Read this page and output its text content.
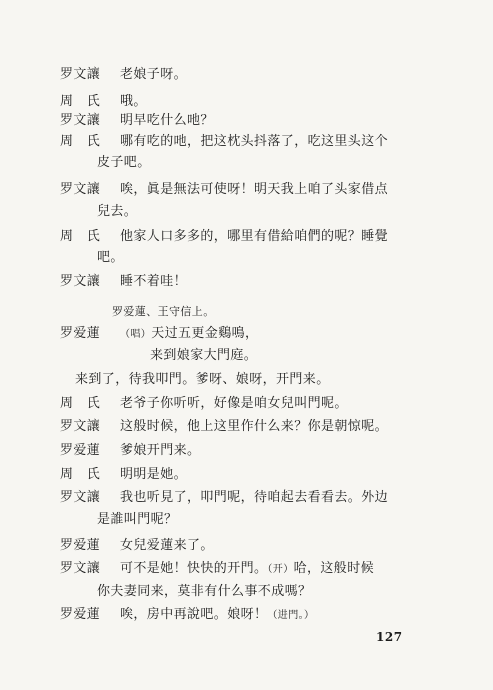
罗文讓 老娘子呀。
周　氏 哦。
罗文讓 明早吃什么吔？
周　氏 哪有吃的吔，把这枕头抖落了，吃这里头这个
皮子吧。
罗文讓 唉，眞是無法可使呀！明天我上咱了头家借点
兒去。
周　氏 他家人口多多的，哪里有借給咱們的呢？睡覺
吧。
罗文讓 睡不着哇！
罗爱蓮、王守信上。
罗爱蓮 （唱）天过五更金鷄鳴，
来到娘家大門庭。
来到了，待我叩門。爹呀、娘呀，开門来。
周　氏 老爷子你听听，好像是咱女兒叫門呢。
罗文讓 这般时候，他上这里作什么来？你是朝惊呢。
罗爱蓮 爹娘开門来。
周　氏 明明是她。
罗文讓 我也听見了，叩門呢，待咱起去看看去。外边
是誰叫門呢？
罗爱蓮 女兒爱蓮来了。
罗文讓 可不是她！快快的开門。（开）哈，这般时候
你夫妻同来，莫非有什么事不成嗎？
罗爱蓮 唉，房中再說吧。娘呀！（进門。）
127
